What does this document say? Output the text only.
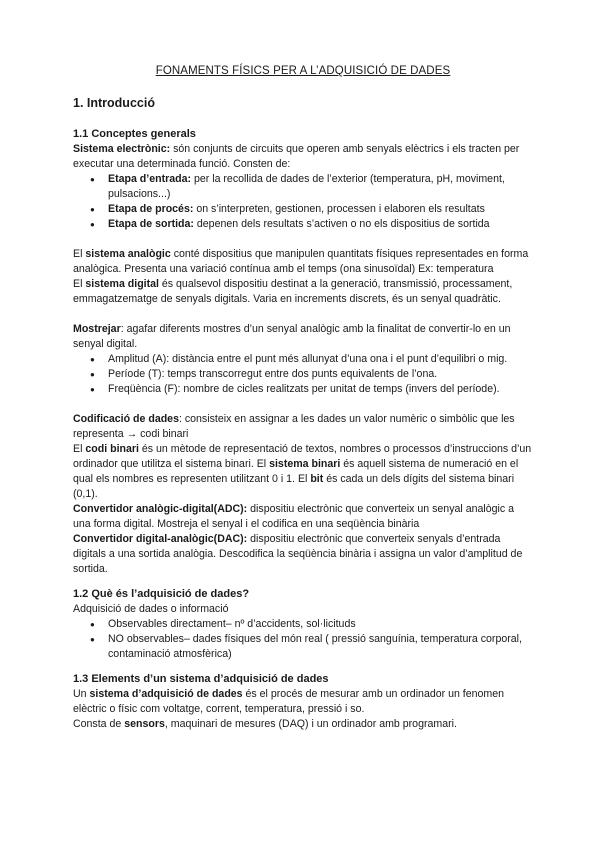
FONAMENTS FÍSICS PER A L’ADQUISICIÓ DE DADES

1. Introducció

1.1 Conceptes generals

Sistema electrònic: són conjunts de circuits que operen amb senyals elèctrics i els tracten per executar una determinada funció. Consten de:

● Etapa d’entrada: per la recollida de dades de l’exterior (temperatura, pH, moviment, pulsacions...)
● Etapa de procés: on s’interpreten, gestionen, processen i elaboren els resultats
● Etapa de sortida: depenen dels resultats s’activen o no els dispositius de sortida

El sistema analògic conté dispositius que manipulen quantitats físiques representades en forma analògica. Presenta una variació contínua amb el temps (ona sinusoïdal) Ex: temperatura

El sistema digital és qualsevol dispositiu destinat a la generació, transmissió, processament, emmagatzematge de senyals digitals. Varia en increments discrets, és un senyal quadràtic.

Mostrejar: agafar diferents mostres d’un senyal analògic amb la finalitat de convertir-lo en un senyal digital.

● Amplitud (A): distància entre el punt més allunyat d’una ona i el punt d’equilibri o mig.
● Període (T): temps transcorregut entre dos punts equivalents de l’ona.
● Freqüència (F): nombre de cicles realitzats per unitat de temps (invers del període).

Codificació de dades: consisteix en assignar a les dades un valor numèric o simbòlic que les representa → codi binari

El codi binari és un mètode de representació de textos, nombres o processos d’instruccions d’un ordinador que utilitza el sistema binari. El sistema binari és aquell sistema de numeració en el qual els nombres es representen utilitzant 0 i 1. El bit és cada un dels dígits del sistema binari (0,1).

Convertidor analògic-digital(ADC): dispositiu electrònic que converteix un senyal analògic a una forma digital. Mostreja el senyal i el codifica en una seqüència binària

Convertidor digital-analògic(DAC): dispositiu electrònic que converteix senyals d’entrada digitals a una sortida analògia. Descodifica la seqüència binària i assigna un valor d’amplitud de sortida.

1.2 Què és l’adquisició de dades?

Adquisició de dades o informació

● Observables directament– nº d’accidents, sol·licituds
● NO observables– dades físiques del món real ( pressió sanguínia, temperatura corporal, contaminació atmosfèrica)

1.3 Elements d’un sistema d’adquisició de dades

Un sistema d’adquisició de dades és el procés de mesurar amb un ordinador un fenomen elèctric o físic com voltatge, corrent, temperatura, pressió i so.

Consta de sensors, maquinari de mesures (DAQ) i un ordinador amb programari.
